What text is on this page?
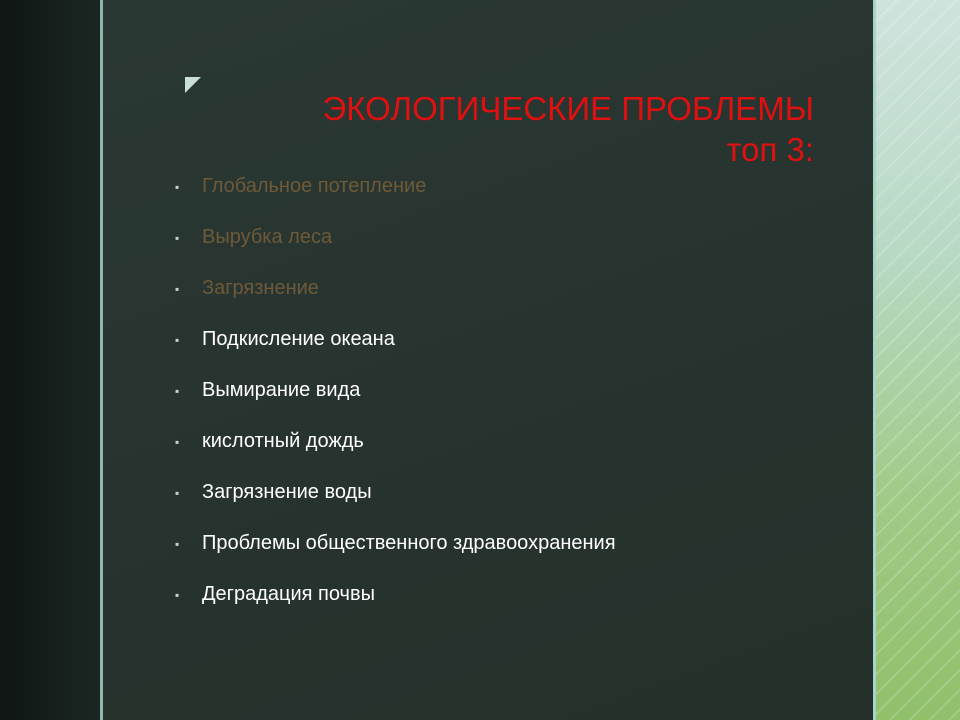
ЭКОЛОГИЧЕСКИЕ ПРОБЛЕМЫ
топ 3:
▪	Глобальное потепление
▪	Вырубка леса
▪	Загрязнение
▪	Подкисление океана
▪	Вымирание вида
▪	кислотный дождь
▪	Загрязнение воды
▪	Проблемы общественного здравоохранения
▪	Деградация почвы
